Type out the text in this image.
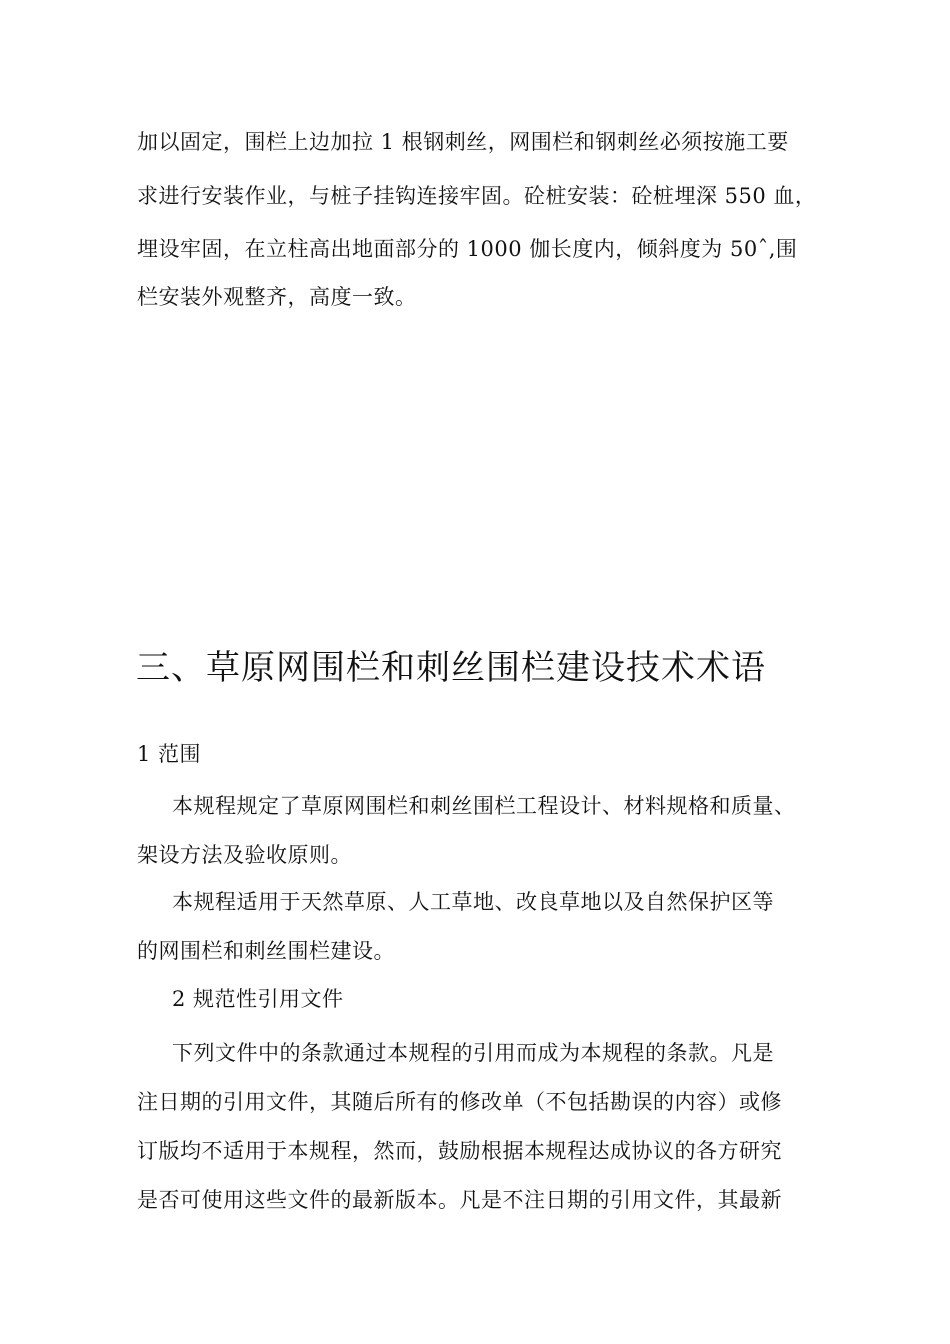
加以固定，围栏上边加拉 1 根钢刺丝，网围栏和钢刺丝必须按施工要
求进行安装作业，与桩子挂钩连接牢固。砼桩安装：砼桩埋深 550 血，
埋设牢固，在立柱高出地面部分的 1000 伽长度内，倾斜度为 50ˆ,围
栏安装外观整齐，高度一致。
三、草原网围栏和刺丝围栏建设技术术语
1 范围
本规程规定了草原网围栏和刺丝围栏工程设计、材料规格和质量、
架设方法及验收原则。
本规程适用于天然草原、人工草地、改良草地以及自然保护区等
的网围栏和刺丝围栏建设。
2 规范性引用文件
下列文件中的条款通过本规程的引用而成为本规程的条款。凡是
注日期的引用文件，其随后所有的修改单（不包括勘误的内容）或修
订版均不适用于本规程，然而，鼓励根据本规程达成协议的各方研究
是否可使用这些文件的最新版本。凡是不注日期的引用文件，其最新
